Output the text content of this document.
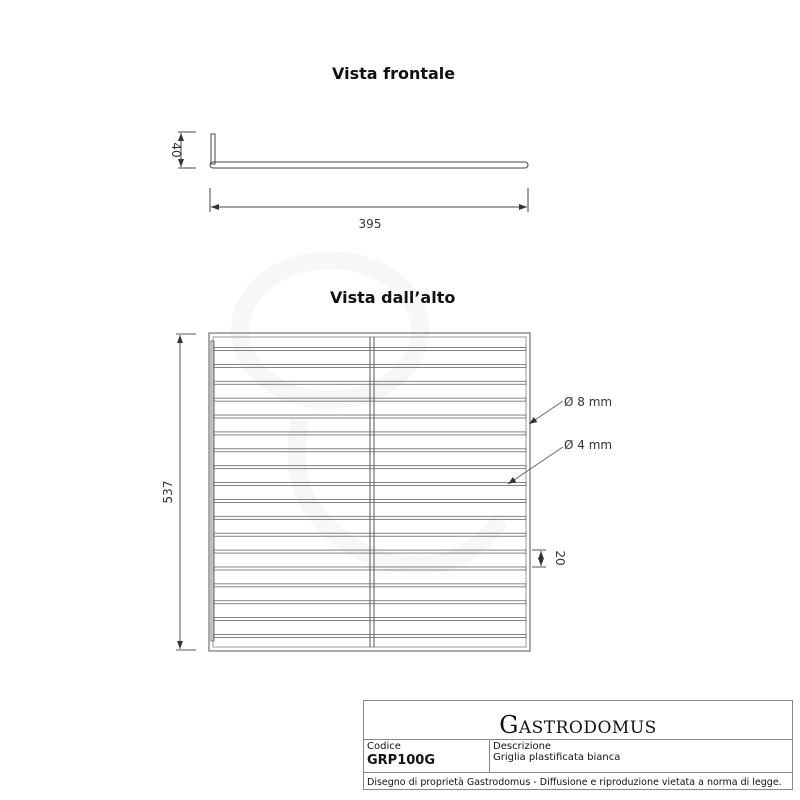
Vista frontale
Vista dall’alto
40
395
537
Ø 8 mm
Ø 4 mm
20
GASTRODOMUS
Codice
GRP100G
Descrizione
Griglia plastificata bianca
Disegno di proprietà Gastrodomus - Diffusione e riproduzione vietata a norma di legge.
